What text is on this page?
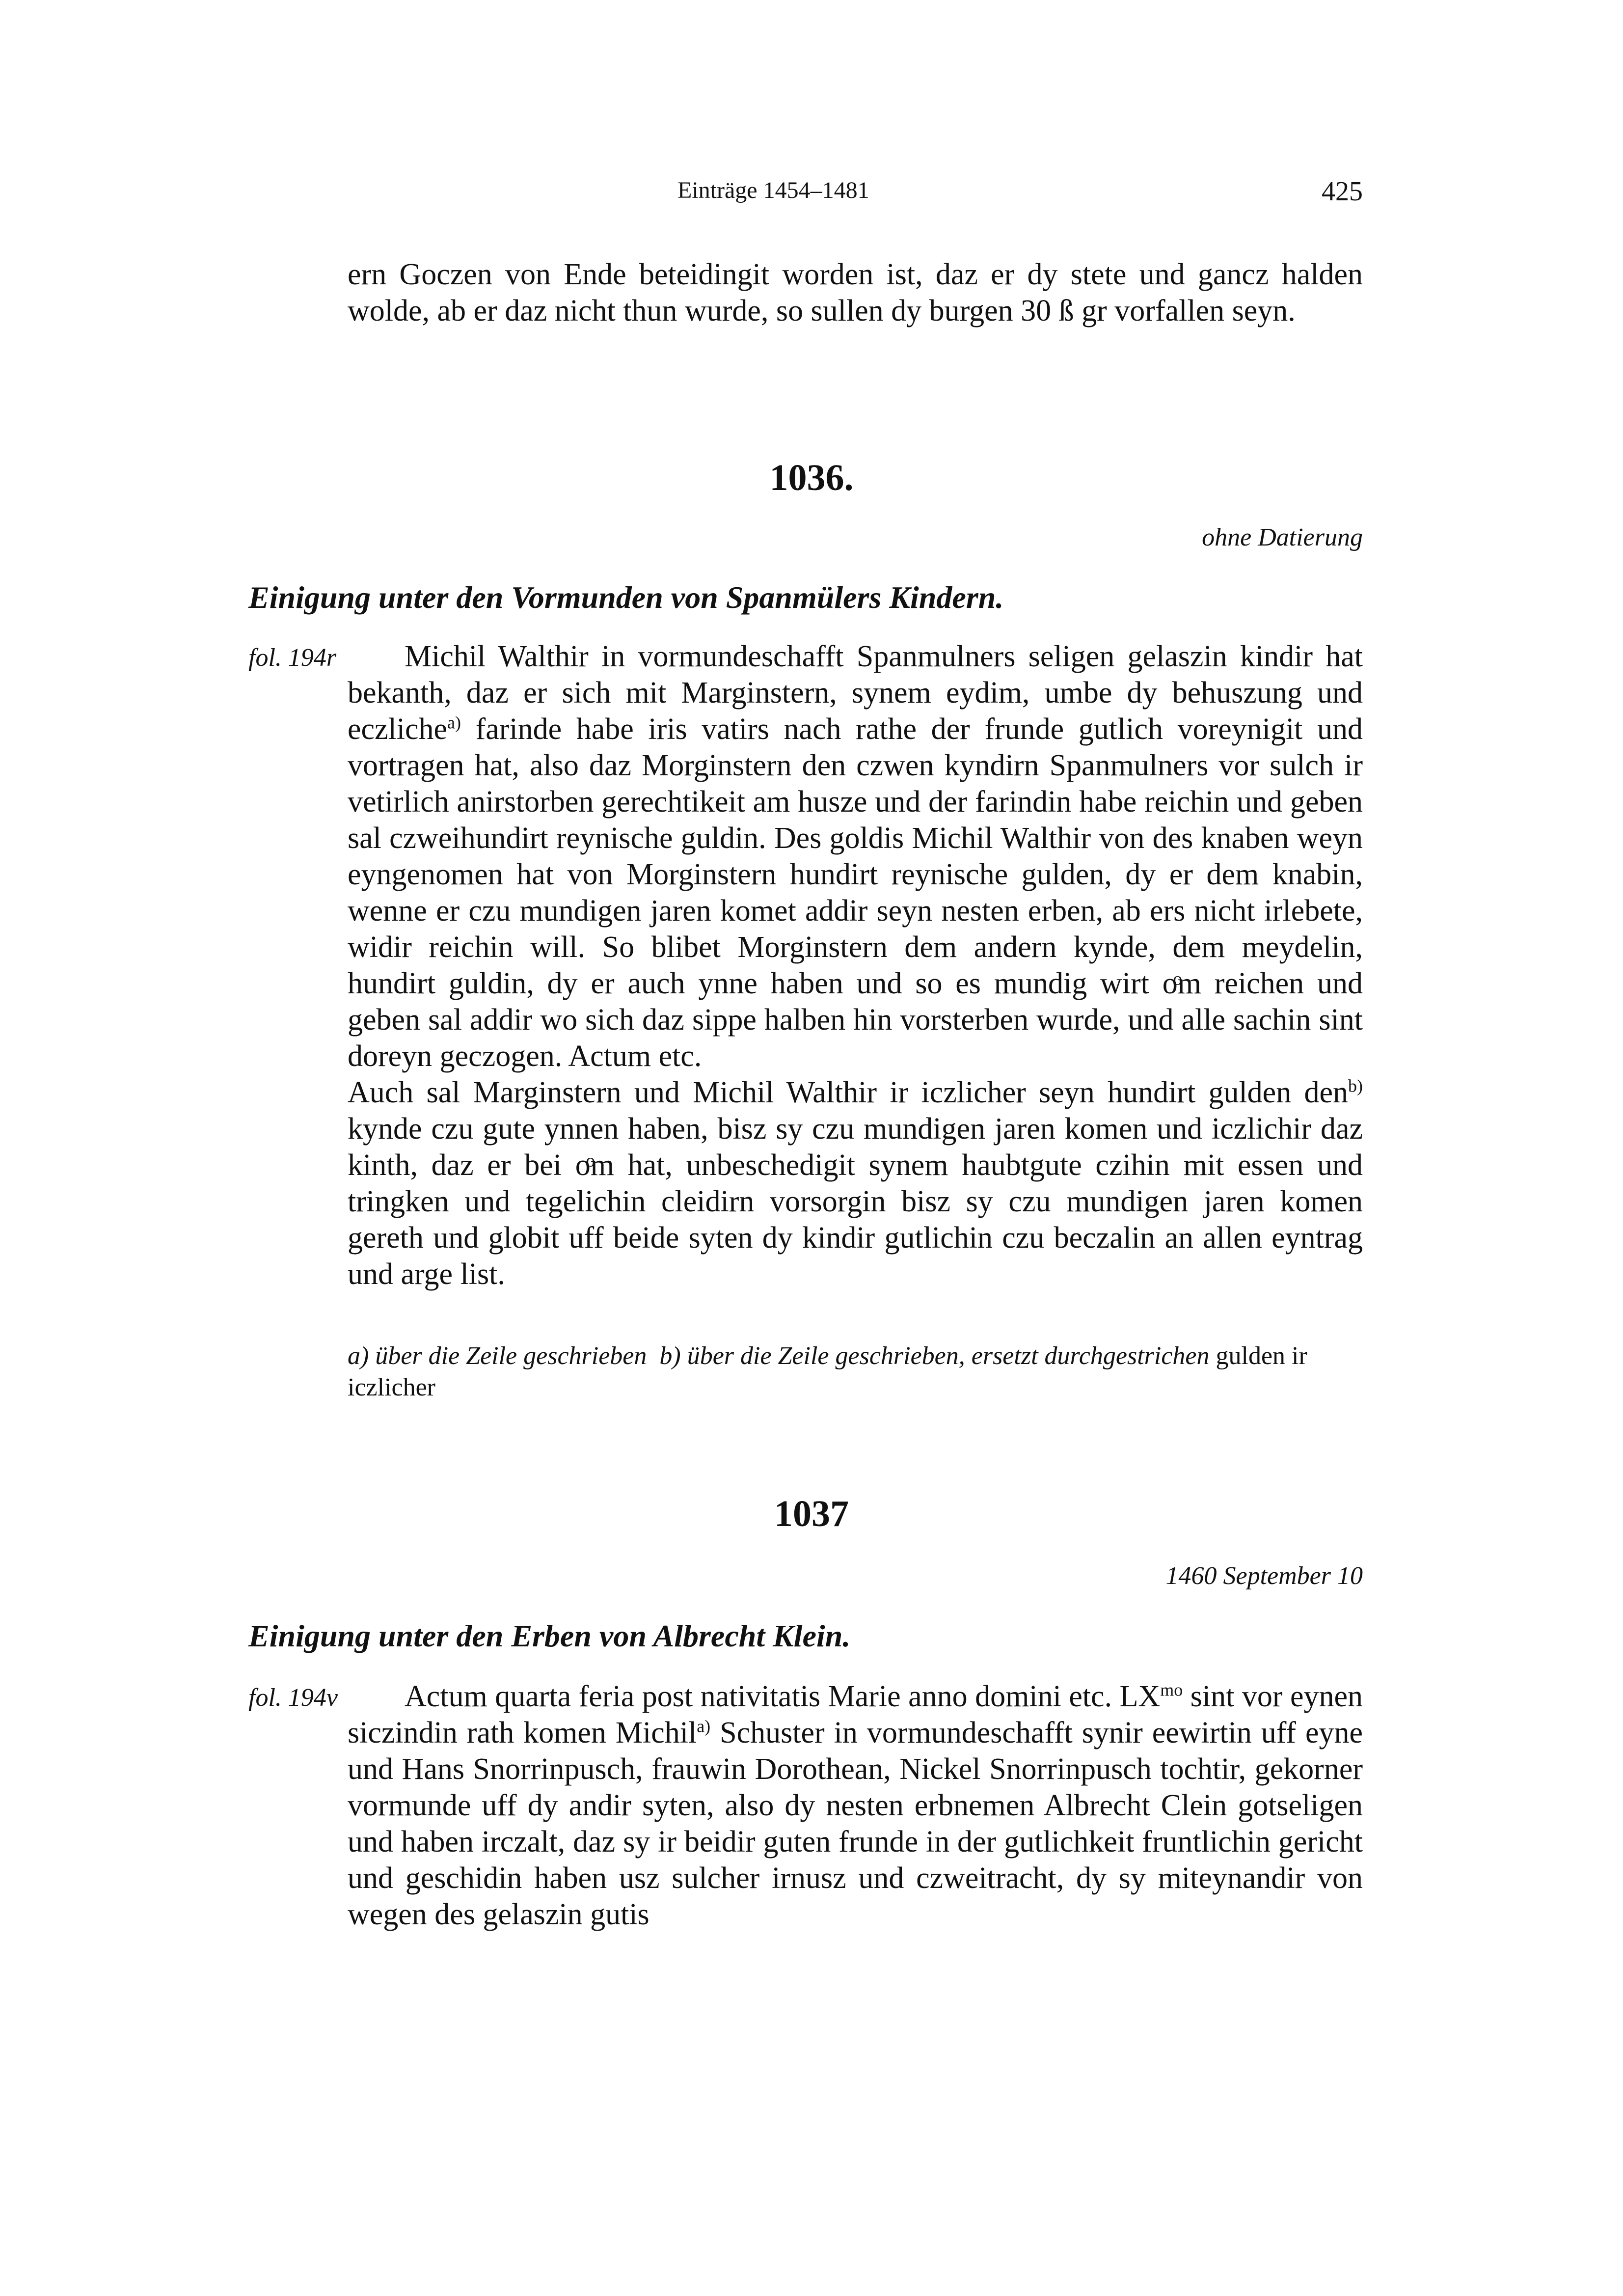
Einträge 1454–1481	425
ern Goczen von Ende beteidingit worden ist, daz er dy stete und gancz halden wolde, ab er daz nicht thun wurde, so sullen dy burgen 30 ß gr vorfallen seyn.
1036.
ohne Datierung
Einigung unter den Vormunden von Spanmülers Kindern.
fol. 194r	Michil Walthir in vormundeschafft Spanmulners seligen gelaszin kindir hat bekanth, daz er sich mit Marginstern, synem eydim, umbe dy behuszung und eczliche$^{a)}$ farinde habe iris vatirs nach rathe der frunde gutlich voreynigit und vortragen hat, also daz Morginstern den czwen kyndirn Spanmulners vor sulch ir vetirlich anirstorben gerechtikeit am husze und der farindin habe reichin und geben sal czweihundirt reynische guldin. Des goldis Michil Walthir von des knaben weyn eyngenomen hat von Morginstern hundirt reynische gulden, dy er dem knabin, wenne er czu mundigen jaren komet addir seyn nesten erben, ab ers nicht irlebete, widir reichin will. So blibet Morginstern dem andern kynde, dem meydelin, hundirt guldin, dy er auch ynne haben und so es mundig wirt oͦm reichen und geben sal addir wo sich daz sippe halben hin vorsterben wurde, und alle sachin sint doreyn geczogen. Actum etc.

Auch sal Marginstern und Michil Walthir ir iczlicher seyn hundirt gulden den$^{b)}$ kynde czu gute ynnen haben, bisz sy czu mundigen jaren komen und iczlichir daz kinth, daz er bei oͦm hat, unbeschedigit synem haubtgute czihin mit essen und tringken und tegelichin cleidirn vorsorgin bisz sy czu mundigen jaren komen gereth und globit uff beide syten dy kindir gutlichin czu beczalin an allen eyntrag und arge list.

a) über die Zeile geschrieben b) über die Zeile geschrieben, ersetzt durchgestrichen gulden ir iczlicher
1037
1460 September 10
Einigung unter den Erben von Albrecht Klein.
fol. 194v	Actum quarta feria post nativitatis Marie anno domini etc. $LX^{mo}$ sint vor eynen siczindin rath komen Michil$^{a)}$ Schuster in vormundeschafft synir eewirtin uff eyne und Hans Snorrinpusch, frauwin Dorothean, Nickel Snorrinpusch tochtir, gekorner vormunde uff dy andir syten, also dy nesten erbnemen Albrecht Clein gotseligen und haben irczalt, daz sy ir beidir guten frunde in der gutlichkeit fruntlichin gericht und geschidin haben usz sulcher irnusz und czweitracht, dy sy miteynandir von wegen des gelaszin gutis
